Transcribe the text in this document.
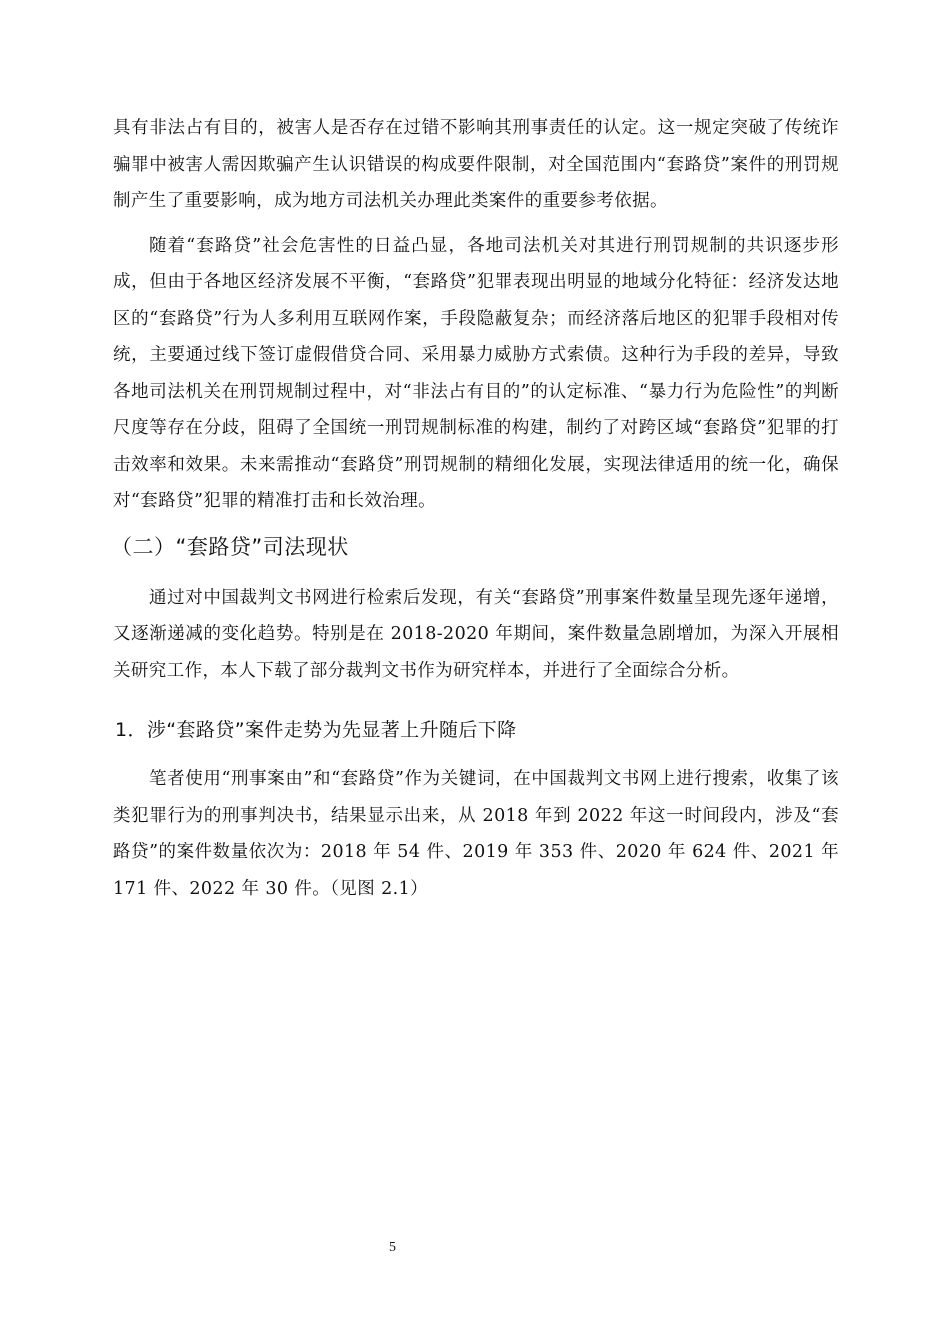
具有非法占有目的，被害人是否存在过错不影响其刑事责任的认定。这一规定突破了传统诈骗罪中被害人需因欺骗产生认识错误的构成要件限制，对全国范围内“套路贷”案件的刑罚规制产生了重要影响，成为地方司法机关办理此类案件的重要参考依据。

随着“套路贷”社会危害性的日益凸显，各地司法机关对其进行刑罚规制的共识逐步形成，但由于各地区经济发展不平衡，“套路贷”犯罪表现出明显的地域分化特征：经济发达地区的“套路贷”行为人多利用互联网作案，手段隐蔽复杂；而经济落后地区的犯罪手段相对传统，主要通过线下签订虚假借贷合同、采用暴力威胁方式索债。这种行为手段的差异，导致各地司法机关在刑罚规制过程中，对“非法占有目的”的认定标准、“暴力行为危险性”的判断尺度等存在分歧，阻碍了全国统一刑罚规制标准的构建，制约了对跨区域“套路贷”犯罪的打击效率和效果。未来需推动“套路贷”刑罚规制的精细化发展，实现法律适用的统一化，确保对“套路贷”犯罪的精准打击和长效治理。

（二）“套路贷”司法现状

通过对中国裁判文书网进行检索后发现，有关“套路贷”刑事案件数量呈现先逐年递增，又逐渐递减的变化趋势。特别是在 2018-2020 年期间，案件数量急剧增加，为深入开展相关研究工作，本人下载了部分裁判文书作为研究样本，并进行了全面综合分析。

1．涉“套路贷”案件走势为先显著上升随后下降

笔者使用“刑事案由”和“套路贷”作为关键词，在中国裁判文书网上进行搜索，收集了该类犯罪行为的刑事判决书，结果显示出来，从 2018 年到 2022 年这一时间段内，涉及“套路贷”的案件数量依次为：2018 年 54 件、2019 年 353 件、2020 年 624 件、2021 年 171 件、2022 年 30 件。（见图 2.1）

5
